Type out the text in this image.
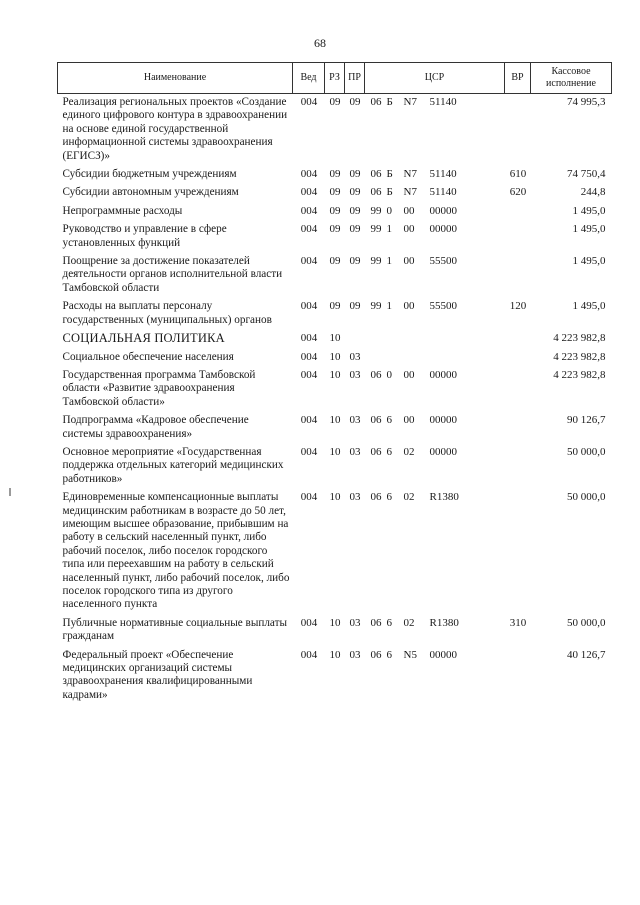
68
Наименование	Вед	РЗ	ПР	ЦСР	ВР	Кассовое исполнение
Реализация региональных проектов «Создание единого цифрового контура в здравоохранении на основе единой государственной информационной системы здравоохранения (ЕГИСЗ)»	004	09	09	06 Б N7 51140		74 995,3
Субсидии бюджетным учреждениям	004	09	09	06 Б N7 51140	610	74 750,4
Субсидии автономным учреждениям	004	09	09	06 Б N7 51140	620	244,8
Непрограммные расходы	004	09	09	99 0 00 00000		1 495,0
Руководство и управление в сфере установленных функций	004	09	09	99 1 00 00000		1 495,0
Поощрение за достижение показателей деятельности органов исполнительной власти Тамбовской области	004	09	09	99 1 00 55500		1 495,0
Расходы на выплаты персоналу государственных (муниципальных) органов	004	09	09	99 1 00 55500	120	1 495,0
СОЦИАЛЬНАЯ ПОЛИТИКА	004	10				4 223 982,8
Социальное обеспечение населения	004	10	03			4 223 982,8
Государственная программа Тамбовской области «Развитие здравоохранения Тамбовской области»	004	10	03	06 0 00 00000		4 223 982,8
Подпрограмма «Кадровое обеспечение системы здравоохранения»	004	10	03	06 6 00 00000		90 126,7
Основное мероприятие «Государственная поддержка отдельных категорий медицинских работников»	004	10	03	06 6 02 00000		50 000,0
Единовременные компенсационные выплаты медицинским работникам в возрасте до 50 лет, имеющим высшее образование, прибывшим на работу в сельский населенный пункт, либо рабочий поселок, либо поселок городского типа или переехавшим на работу в сельский населенный пункт, либо рабочий поселок, либо поселок городского типа из другого населенного пункта	004	10	03	06 6 02 R1380		50 000,0
Публичные нормативные социальные выплаты гражданам	004	10	03	06 6 02 R1380	310	50 000,0
Федеральный проект «Обеспечение медицинских организаций системы здравоохранения квалифицированными кадрами»	004	10	03	06 6 N5 00000		40 126,7
